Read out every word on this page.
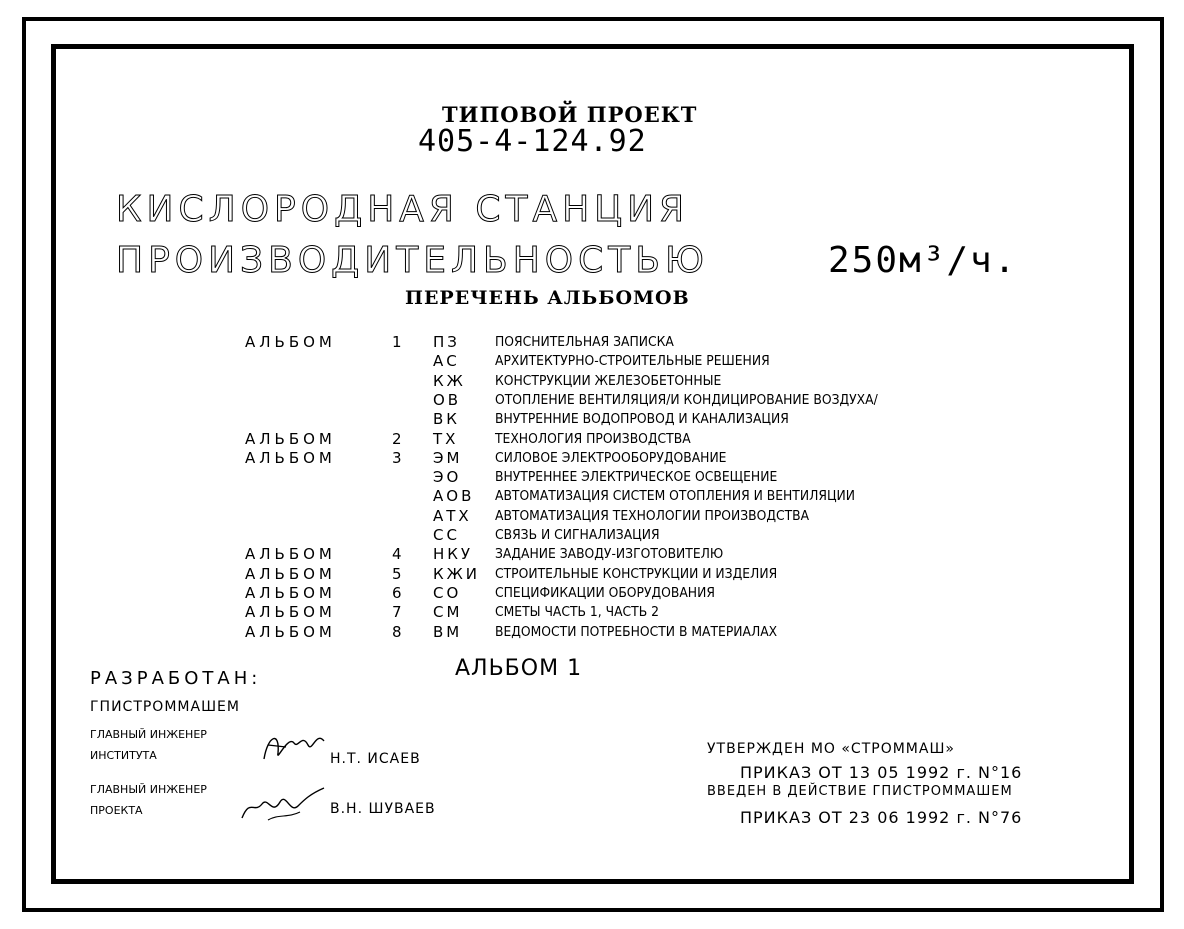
ТИПОВОЙ ПРОЕКТ
405-4-124.92
КИСЛОРОДНАЯ СТАНЦИЯ
ПРОИЗВОДИТЕЛЬНОСТЬЮ	250м³/ч.
ПЕРЕЧЕНЬ АЛЬБОМОВ
АЛЬБОМ	1	ПЗ	ПОЯСНИТЕЛЬНАЯ ЗАПИСКА
АС	АРХИТЕКТУРНО-СТРОИТЕЛЬНЫЕ РЕШЕНИЯ
КЖ	КОНСТРУКЦИИ ЖЕЛЕЗОБЕТОННЫЕ
ОВ	ОТОПЛЕНИЕ ВЕНТИЛЯЦИЯ/И КОНДИЦИРОВАНИЕ ВОЗДУХА/
ВК	ВНУТРЕННИЕ ВОДОПРОВОД И КАНАЛИЗАЦИЯ
АЛЬБОМ	2	ТХ	ТЕХНОЛОГИЯ ПРОИЗВОДСТВА
АЛЬБОМ	3	ЭМ	СИЛОВОЕ ЭЛЕКТРООБОРУДОВАНИЕ
ЭО	ВНУТРЕННЕЕ ЭЛЕКТРИЧЕСКОЕ ОСВЕЩЕНИЕ
АОВ	АВТОМАТИЗАЦИЯ СИСТЕМ ОТОПЛЕНИЯ И ВЕНТИЛЯЦИИ
АТХ	АВТОМАТИЗАЦИЯ ТЕХНОЛОГИИ ПРОИЗВОДСТВА
СС	СВЯЗЬ И СИГНАЛИЗАЦИЯ
АЛЬБОМ	4	НКУ	ЗАДАНИЕ ЗАВОДУ-ИЗГОТОВИТЕЛЮ
АЛЬБОМ	5	КЖИ	СТРОИТЕЛЬНЫЕ КОНСТРУКЦИИ И ИЗДЕЛИЯ
АЛЬБОМ	6	СО	СПЕЦИФИКАЦИИ ОБОРУДОВАНИЯ
АЛЬБОМ	7	СМ	СМЕТЫ ЧАСТЬ 1, ЧАСТЬ 2
АЛЬБОМ	8	ВМ	ВЕДОМОСТИ ПОТРЕБНОСТИ В МАТЕРИАЛАХ
АЛЬБОМ 1
РАЗРАБОТАН:
ГПИСТРОММАШЕМ
ГЛАВНЫЙ ИНЖЕНЕР
ИНСТИТУТА	Н.Т. ИСАЕВ
ГЛАВНЫЙ ИНЖЕНЕР
ПРОЕКТА	В.Н. ШУВАЕВ
УТВЕРЖДЕН МО «СТРОММАШ»
ПРИКАЗ ОТ 13 05 1992 г. N°16
ВВЕДЕН В ДЕЙСТВИЕ ГПИСТРОММАШЕМ
ПРИКАЗ ОТ 23 06 1992 г. N°76
